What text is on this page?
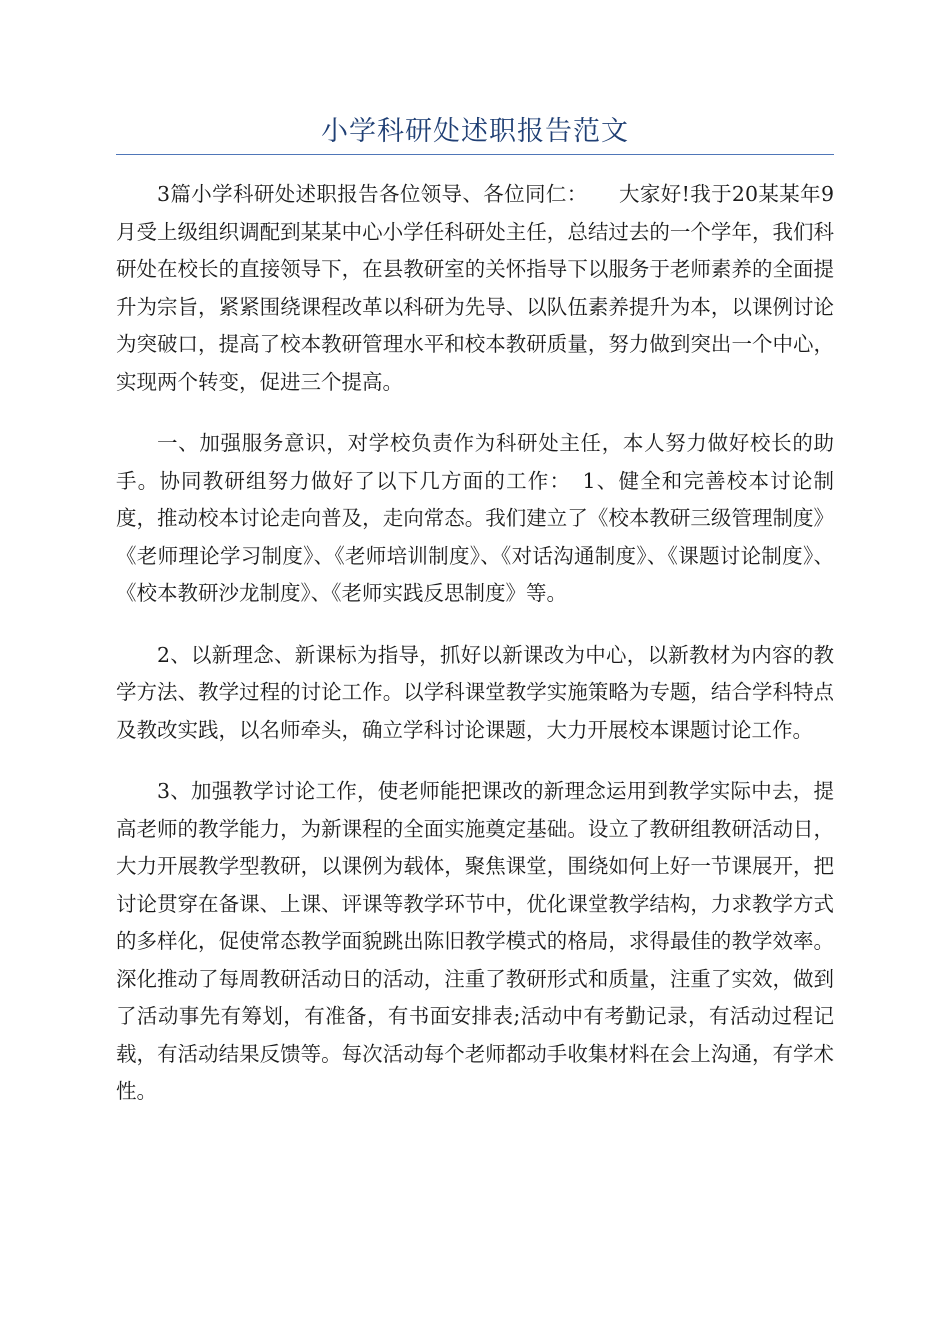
小学科研处述职报告范文

3篇小学科研处述职报告各位领导、各位同仁：　　大家好!我于20某某年9月受上级组织调配到某某中心小学任科研处主任，总结过去的一个学年，我们科研处在校长的直接领导下，在县教研室的关怀指导下以服务于老师素养的全面提升为宗旨，紧紧围绕课程改革以科研为先导、以队伍素养提升为本，以课例讨论为突破口，提高了校本教研管理水平和校本教研质量，努力做到突出一个中心，实现两个转变，促进三个提高。

一、加强服务意识，对学校负责作为科研处主任，本人努力做好校长的助手。协同教研组努力做好了以下几方面的工作：　1、健全和完善校本讨论制度，推动校本讨论走向普及，走向常态。我们建立了《校本教研三级管理制度》《老师理论学习制度》、《老师培训制度》、《对话沟通制度》、《课题讨论制度》、《校本教研沙龙制度》、《老师实践反思制度》等。

2、以新理念、新课标为指导，抓好以新课改为中心，以新教材为内容的教学方法、教学过程的讨论工作。以学科课堂教学实施策略为专题，结合学科特点及教改实践，以名师牵头，确立学科讨论课题，大力开展校本课题讨论工作。

3、加强教学讨论工作，使老师能把课改的新理念运用到教学实际中去，提高老师的教学能力，为新课程的全面实施奠定基础。设立了教研组教研活动日，大力开展教学型教研，以课例为载体，聚焦课堂，围绕如何上好一节课展开，把讨论贯穿在备课、上课、评课等教学环节中，优化课堂教学结构，力求教学方式的多样化，促使常态教学面貌跳出陈旧教学模式的格局，求得最佳的教学效率。深化推动了每周教研活动日的活动，注重了教研形式和质量，注重了实效，做到了活动事先有筹划，有准备，有书面安排表;活动中有考勤记录，有活动过程记载，有活动结果反馈等。每次活动每个老师都动手收集材料在会上沟通，有学术性。
